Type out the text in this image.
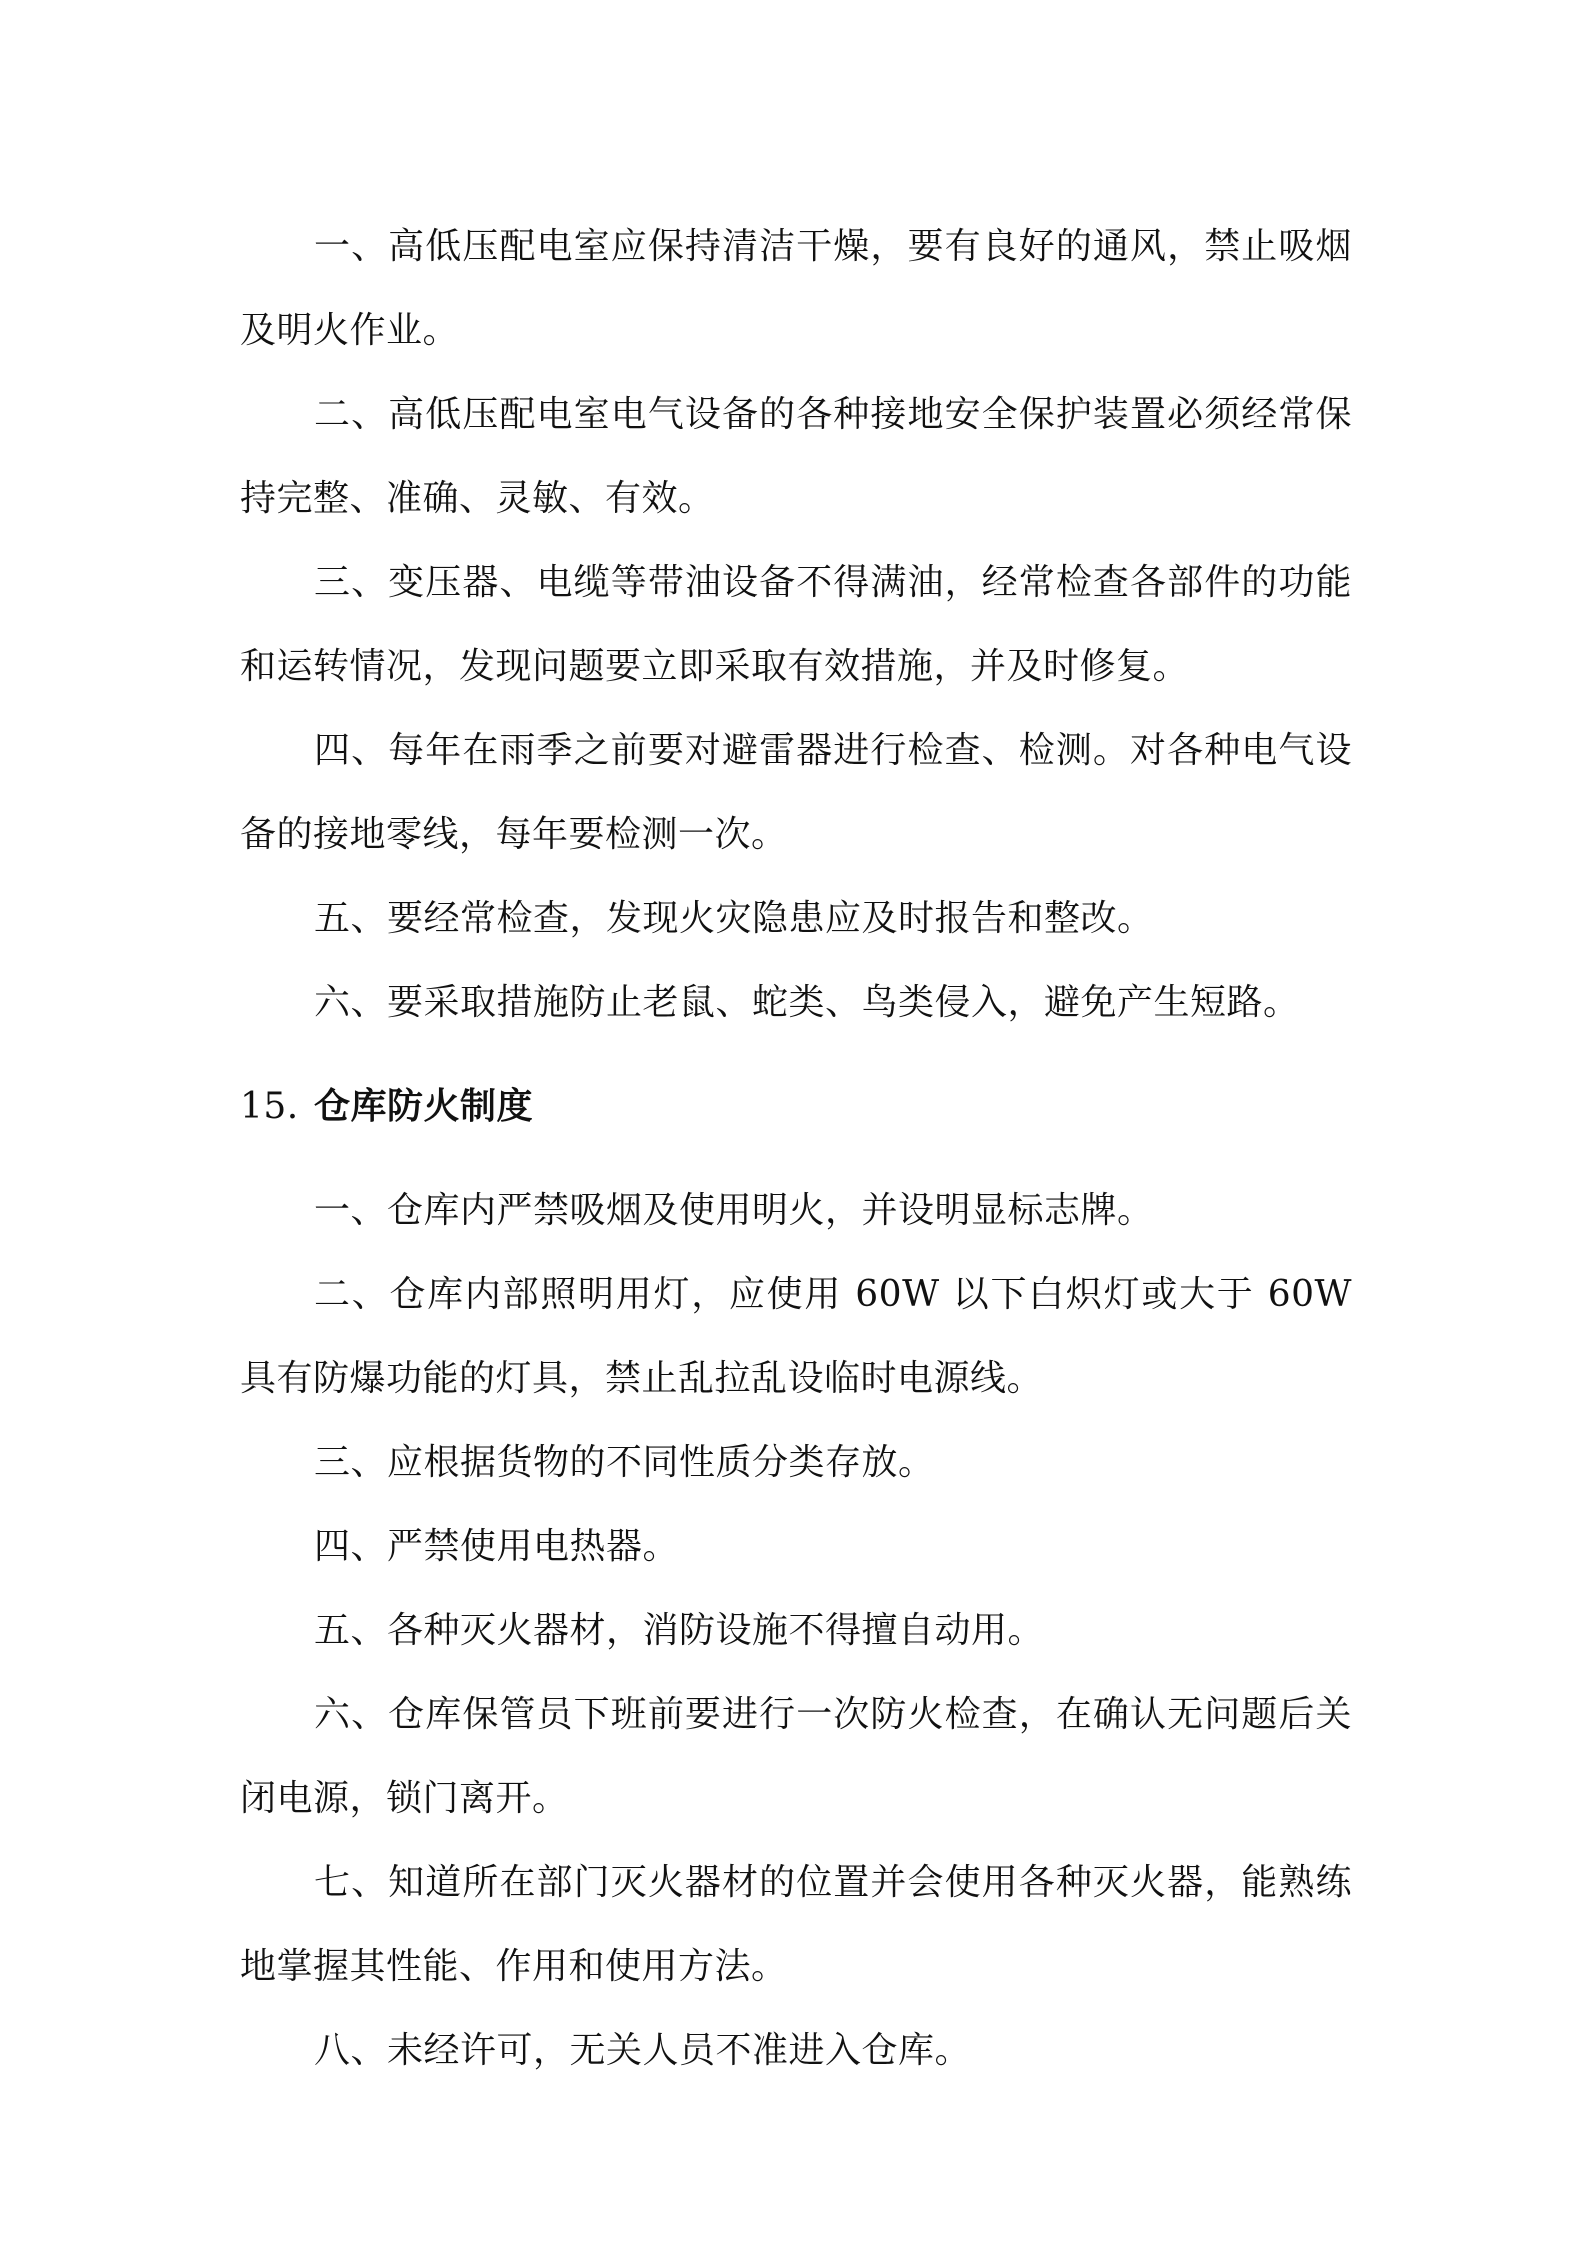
一、高低压配电室应保持清洁干燥，要有良好的通风，禁止吸烟及明火作业。

二、高低压配电室电气设备的各种接地安全保护装置必须经常保持完整、准确、灵敏、有效。

三、变压器、电缆等带油设备不得满油，经常检查各部件的功能和运转情况，发现问题要立即采取有效措施，并及时修复。

四、每年在雨季之前要对避雷器进行检查、检测。对各种电气设备的接地零线，每年要检测一次。

五、要经常检查，发现火灾隐患应及时报告和整改。

六、要采取措施防止老鼠、蛇类、鸟类侵入，避免产生短路。

15. 仓库防火制度

一、仓库内严禁吸烟及使用明火，并设明显标志牌。

二、仓库内部照明用灯，应使用 60W 以下白炽灯或大于 60W 具有防爆功能的灯具，禁止乱拉乱设临时电源线。

三、应根据货物的不同性质分类存放。

四、严禁使用电热器。

五、各种灭火器材，消防设施不得擅自动用。

六、仓库保管员下班前要进行一次防火检查，在确认无问题后关闭电源，锁门离开。

七、知道所在部门灭火器材的位置并会使用各种灭火器，能熟练地掌握其性能、作用和使用方法。

八、未经许可，无关人员不准进入仓库。
